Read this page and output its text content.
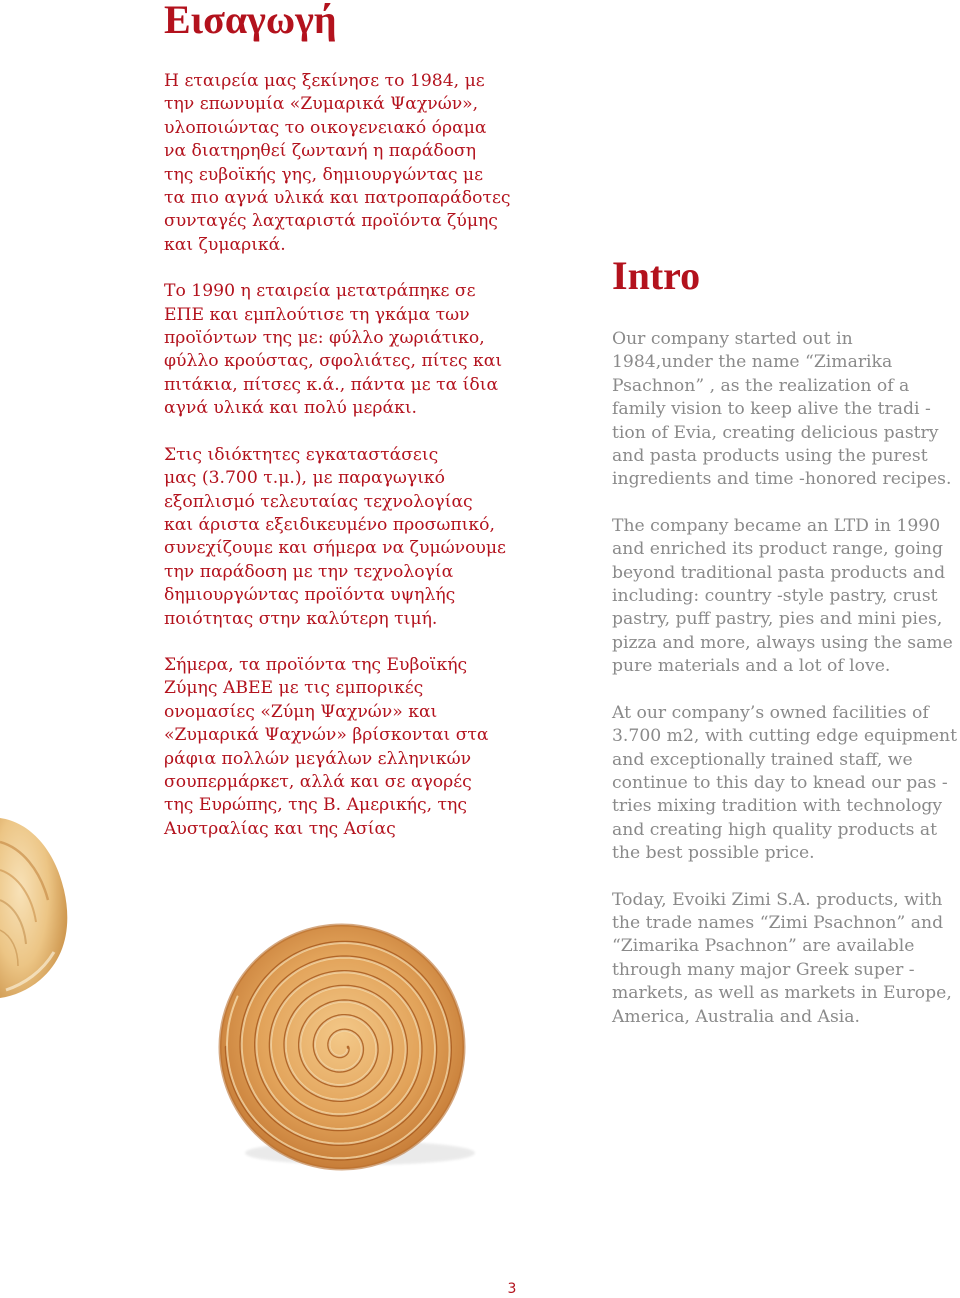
Εισαγωγή

Η εταιρεία μας ξεκίνησε το 1984, με
την επωνυμία «Ζυμαρικά Ψαχνών»,
υλοποιώντας το οικογενειακό όραμα
να διατηρηθεί ζωντανή η παράδοση
της ευβοϊκής γης, δημιουργώντας με
τα πιο αγνά υλικά και πατροπαράδοτες
συνταγές λαχταριστά προϊόντα ζύμης
και ζυμαρικά.

Το 1990 η εταιρεία μετατράπηκε σε
ΕΠΕ και εμπλούτισε τη γκάμα των
προϊόντων της με: φύλλο χωριάτικο,
φύλλο κρούστας, σφολιάτες, πίτες και
πιτάκια, πίτσες κ.ά., πάντα με τα ίδια
αγνά υλικά και πολύ μεράκι.

Στις ιδιόκτητες εγκαταστάσεις
μας (3.700 τ.μ.), με παραγωγικό
εξοπλισμό τελευταίας τεχνολογίας
και άριστα εξειδικευμένο προσωπικό,
συνεχίζουμε και σήμερα να ζυμώνουμε
την παράδοση με την τεχνολογία
δημιουργώντας προϊόντα υψηλής
ποιότητας στην καλύτερη τιμή.

Σήμερα, τα προϊόντα της Ευβοϊκής
Ζύμης ΑΒΕΕ με τις εμπορικές
ονομασίες «Ζύμη Ψαχνών» και
«Ζυμαρικά Ψαχνών» βρίσκονται στα
ράφια πολλών μεγάλων ελληνικών
σουπερμάρκετ, αλλά και σε αγορές
της Ευρώπης, της Β. Αμερικής, της
Αυστραλίας και της Ασίας

Intro

Our company started out in
1984,under the name “Zimarika
Psachnon” , as the realization of a
family vision to keep alive the tradi -
tion of Evia, creating delicious pastry
and pasta products using the purest
ingredients and time -honored recipes.

The company became an LTD in 1990
and enriched its product range, going
beyond traditional pasta products and
including: country -style pastry, crust
pastry, puff pastry, pies and mini pies,
pizza and more, always using the same
pure materials and a lot of love.

At our company’s owned facilities of
3.700 m2, with cutting edge equipment
and exceptionally trained staff, we
continue to this day to knead our pas -
tries mixing tradition with technology
and creating high quality products at
the best possible price.

Today, Evoiki Zimi S.A. products, with
the trade names “Zimi Psachnon” and
“Zimarika Psachnon” are available
through many major Greek super -
markets, as well as markets in Europe,
America, Australia and Asia.

3
